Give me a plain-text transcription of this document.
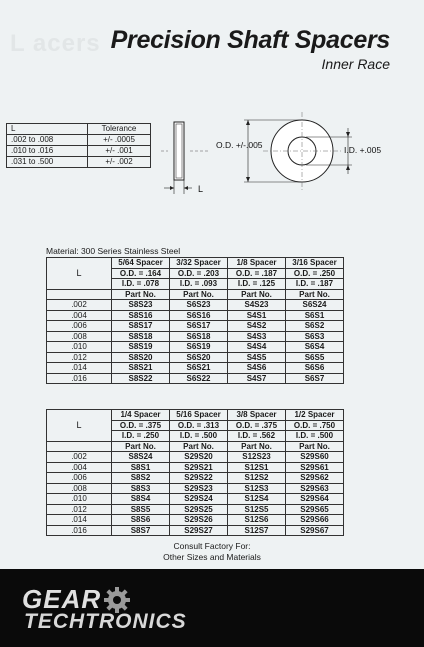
L acers Precision Shaft Spacers
Inner Race
L	Tolerance
.002 to .008	+/- .0005
.010 to .016	+/- .001
.031 to .500	+/- .002
L
O.D. +/-.005	I.D. +.005
Material: 300 Series Stainless Steel
L	5/64 Spacer	3/32 Spacer	1/8 Spacer	3/16 Spacer
	O.D. = .164	O.D. = .203	O.D. = .187	O.D. = .250
	I.D. = .078	I.D. = .093	I.D. = .125	I.D. = .187
	Part No.	Part No.	Part No.	Part No.
.002	S8S23	S6S23	S4S23	S6S24
.004	S8S16	S6S16	S4S1	S6S1
.006	S8S17	S6S17	S4S2	S6S2
.008	S8S18	S6S18	S4S3	S6S3
.010	S8S19	S6S19	S4S4	S6S4
.012	S8S20	S6S20	S4S5	S6S5
.014	S8S21	S6S21	S4S6	S6S6
.016	S8S22	S6S22	S4S7	S6S7
L	1/4 Spacer	5/16 Spacer	3/8 Spacer	1/2 Spacer
	O.D. = .375	O.D. = .313	O.D. = .375	O.D. = .750
	I.D. = .250	I.D. = .500	I.D. = .562	I.D. = .500
	Part No.	Part No.	Part No.	Part No.
.002	S8S24	S29S20	S12S23	S29S60
.004	S8S1	S29S21	S12S1	S29S61
.006	S8S2	S29S22	S12S2	S29S62
.008	S8S3	S29S23	S12S3	S29S63
.010	S8S4	S29S24	S12S4	S29S64
.012	S8S5	S29S25	S12S5	S29S65
.014	S8S6	S29S26	S12S6	S29S66
.016	S8S7	S29S27	S12S7	S29S67
Consult Factory For:
Other Sizes and Materials
GEAR
TECHTRONICS
